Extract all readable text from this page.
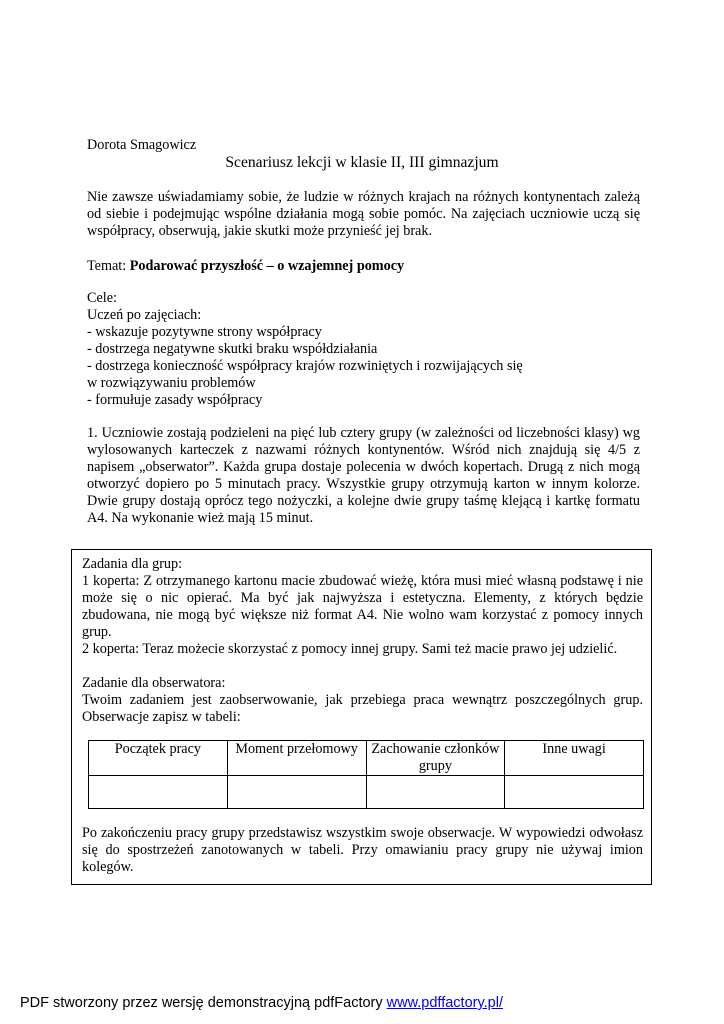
Dorota Smagowicz
Scenariusz lekcji w klasie II, III gimnazjum

Nie zawsze uświadamiamy sobie, że ludzie w różnych krajach na różnych kontynentach zależą od siebie i podejmując wspólne działania mogą sobie pomóc. Na zajęciach uczniowie uczą się współpracy, obserwują, jakie skutki może przynieść jej brak.

Temat: Podarować przyszłość – o wzajemnej pomocy
Cele:
Uczeń po zajęciach:
- wskazuje pozytywne strony współpracy
- dostrzega negatywne skutki braku współdziałania
- dostrzega konieczność współpracy krajów rozwiniętych i rozwijających się
w rozwiązywaniu problemów
- formułuje zasady współpracy

1. Uczniowie zostają podzieleni na pięć lub cztery grupy (w zależności od liczebności klasy) wg wylosowanych karteczek z nazwami różnych kontynentów. Wśród nich znajdują się 4/5 z napisem „obserwator”. Każda grupa dostaje polecenia w dwóch kopertach. Drugą z nich mogą otworzyć dopiero po 5 minutach pracy. Wszystkie grupy otrzymują karton w innym kolorze. Dwie grupy dostają oprócz tego nożyczki, a kolejne dwie grupy taśmę klejącą i kartkę formatu A4. Na wykonanie wież mają 15 minut.

Zadania dla grup:

1 koperta: Z otrzymanego kartonu macie zbudować wieżę, która musi mieć własną podstawę i nie może się o nic opierać. Ma być jak najwyższa i estetyczna. Elementy, z których będzie zbudowana, nie mogą być większe niż format A4. Nie wolno wam korzystać z pomocy innych grup.

2 koperta: Teraz możecie skorzystać z pomocy innej grupy. Sami też macie prawo jej udzielić.

Zadanie dla obserwatora:

Twoim zadaniem jest zaobserwowanie, jak przebiega praca wewnątrz poszczególnych grup. Obserwacje zapisz w tabeli:

Początek pracy	Moment przełomowy	Zachowanie członków grupy	Inne uwagi

Po zakończeniu pracy grupy przedstawisz wszystkim swoje obserwacje. W wypowiedzi odwołasz się do spostrzeżeń zanotowanych w tabeli. Przy omawianiu pracy grupy nie używaj imion kolegów.

PDF stworzony przez wersję demonstracyjną pdfFactory www.pdffactory.pl/
